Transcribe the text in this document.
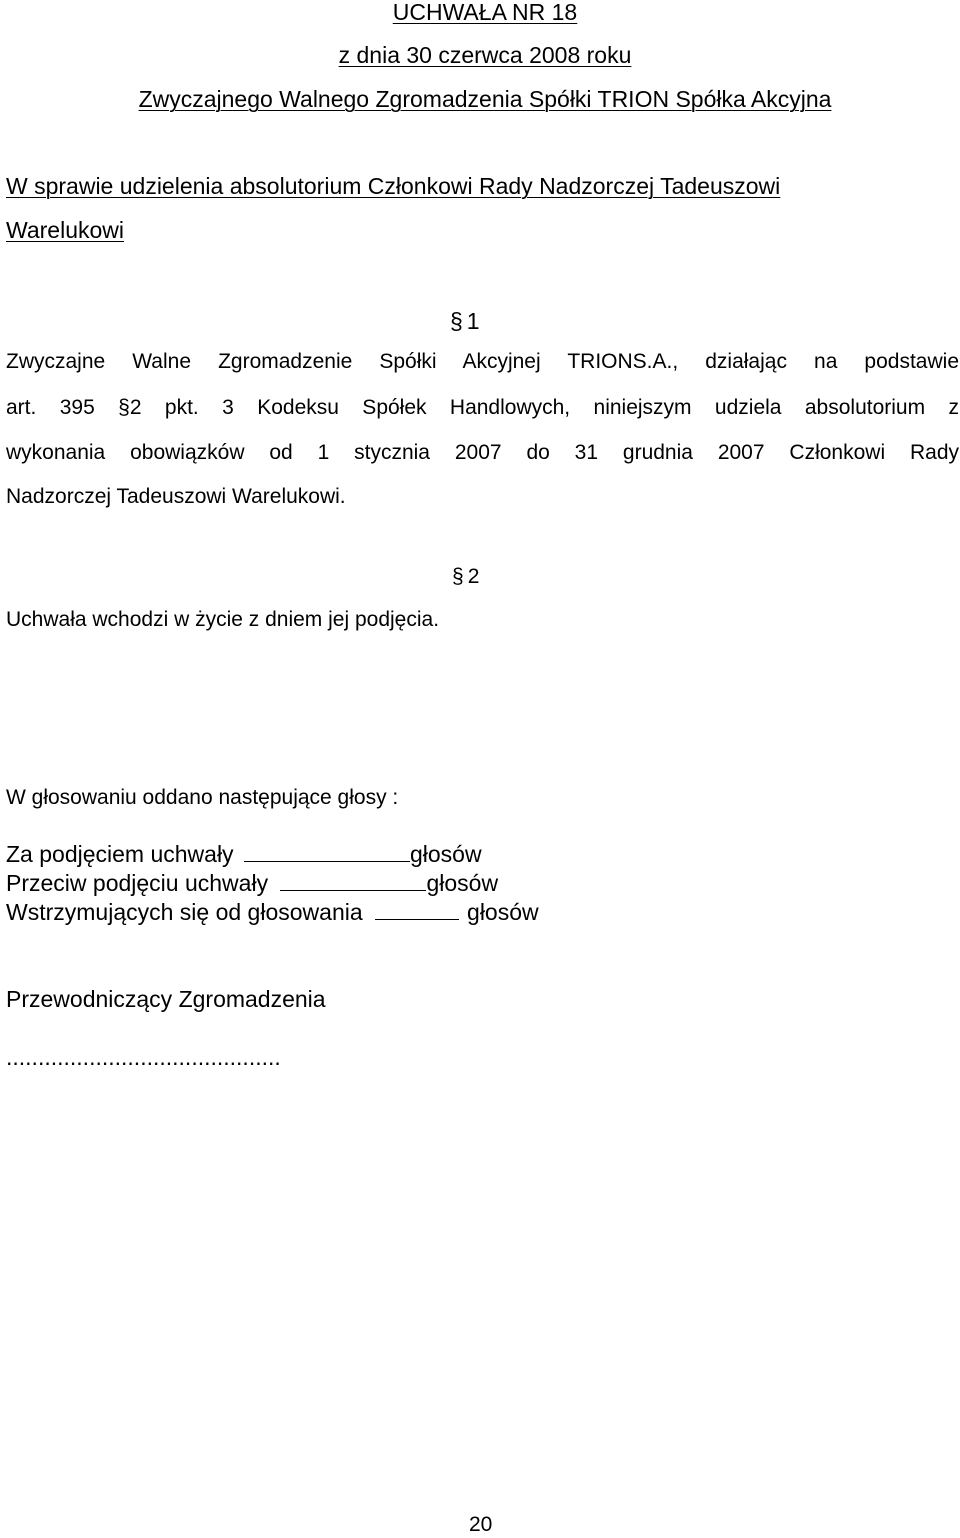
UCHWAŁA NR 18
z dnia 30 czerwca 2008 roku
Zwyczajnego Walnego Zgromadzenia Spółki TRION Spółka Akcyjna
W sprawie udzielenia absolutorium Członkowi Rady Nadzorczej Tadeuszowi
Warelukowi
§ 1
Zwyczajne Walne Zgromadzenie Spółki Akcyjnej TRIONS.A., działając na podstawie
art. 395 §2 pkt. 3 Kodeksu Spółek Handlowych, niniejszym udziela absolutorium z
wykonania obowiązków od 1 stycznia 2007 do 31 grudnia 2007 Członkowi Rady
Nadzorczej Tadeuszowi Warelukowi.
§ 2
Uchwała wchodzi w życie z dniem jej podjęcia.
W głosowaniu oddano następujące głosy :
Za podjęciem uchwały	głosów
Przeciw podjęciu uchwały	głosów
Wstrzymujących się od głosowania	głosów
Przewodniczący Zgromadzenia
...........................................
20
